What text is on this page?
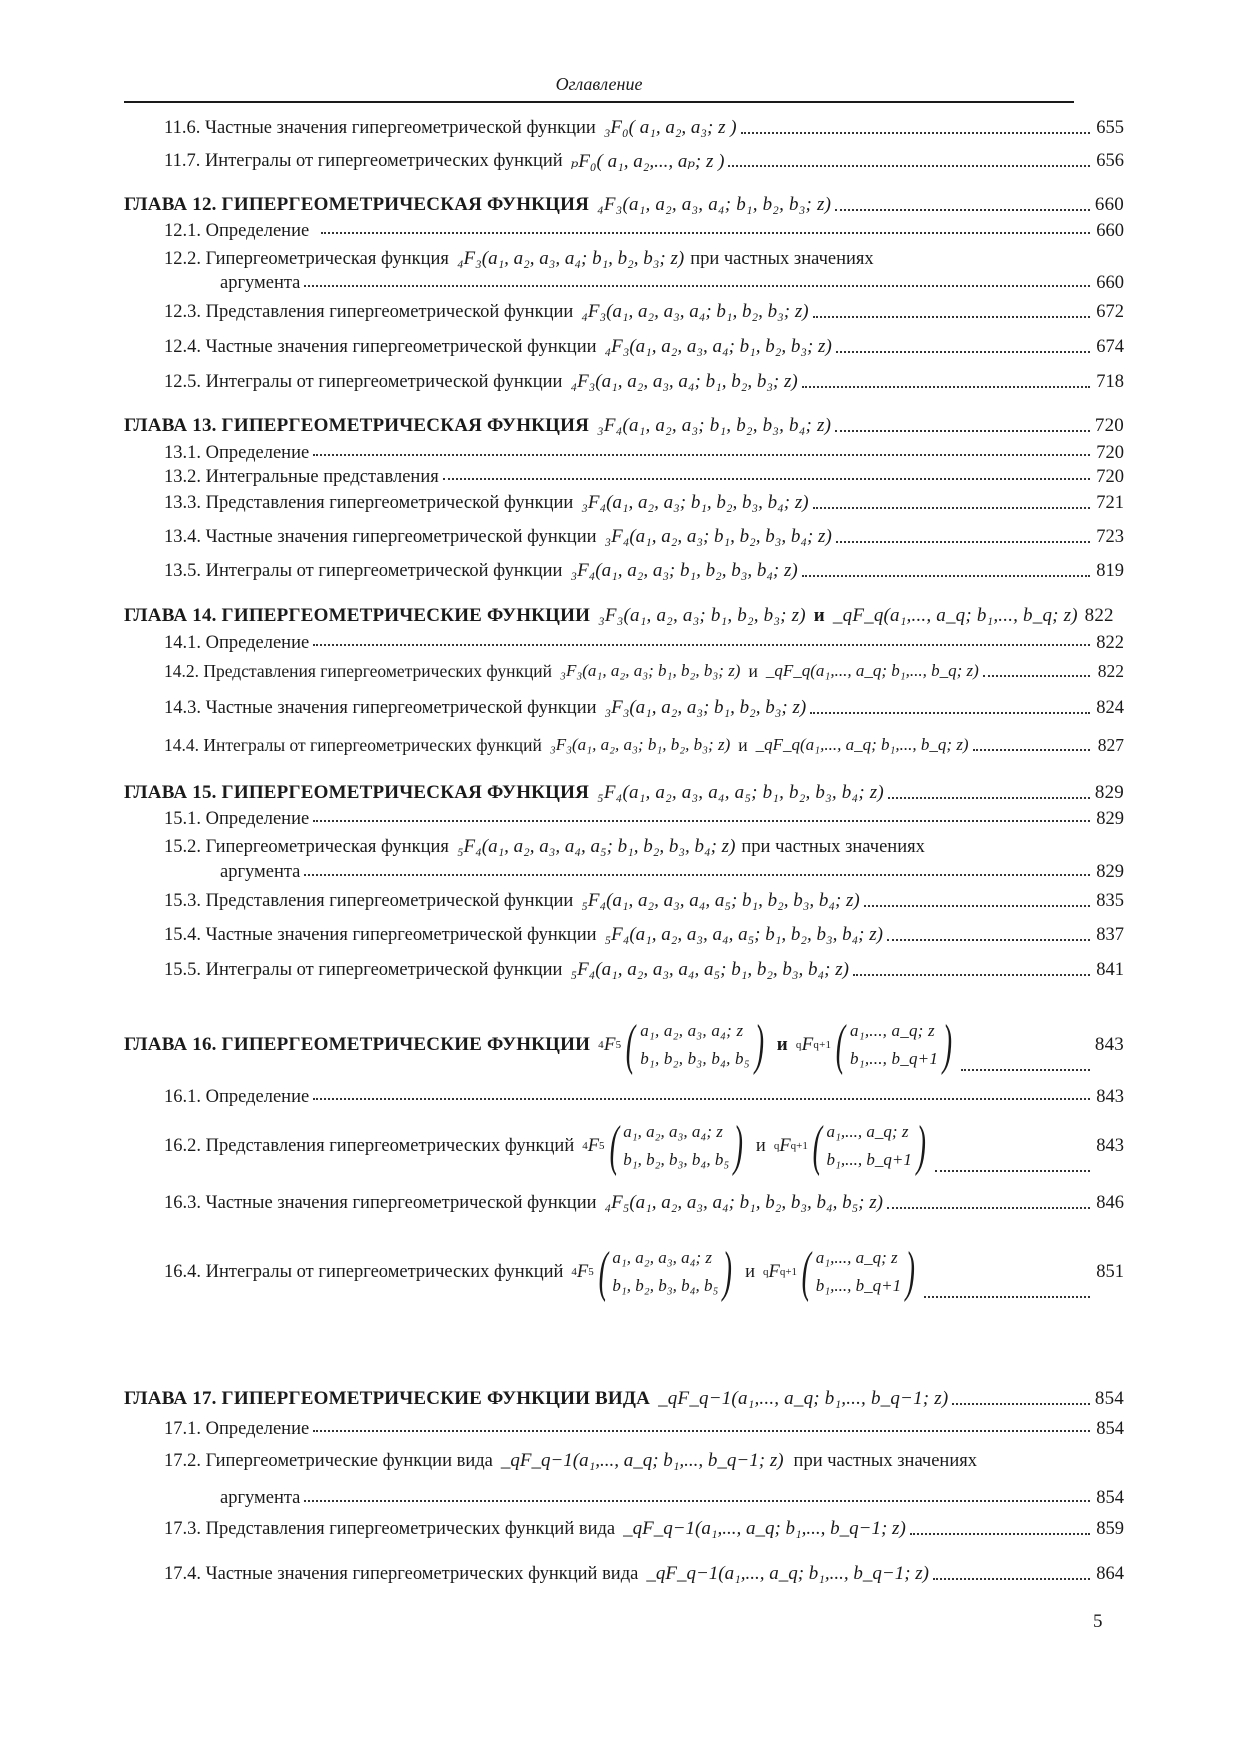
Оглавление
11.6. Частные значения гипергеометрической функции ₃F₀( a₁, a₂, a₃; z )	655
11.7. Интегралы от гипергеометрических функций ₚF₀( a₁, a₂,..., aₚ; z )	656
ГЛАВА 12. ГИПЕРГЕОМЕТРИЧЕСКАЯ ФУНКЦИЯ ₄F₃(a₁, a₂, a₃, a₄; b₁, b₂, b₃; z)	660
12.1. Определение	660
12.2. Гипергеометрическая функция ₄F₃(a₁, a₂, a₃, a₄; b₁, b₂, b₃; z) при частных значениях
аргумента	660
12.3. Представления гипергеометрической функции ₄F₃(a₁, a₂, a₃, a₄; b₁, b₂, b₃; z)	672
12.4. Частные значения гипергеометрической функции ₄F₃(a₁, a₂, a₃, a₄; b₁, b₂, b₃; z)	674
12.5. Интегралы от гипергеометрической функции ₄F₃(a₁, a₂, a₃, a₄; b₁, b₂, b₃; z)	718
ГЛАВА 13. ГИПЕРГЕОМЕТРИЧЕСКАЯ ФУНКЦИЯ ₃F₄(a₁, a₂, a₃; b₁, b₂, b₃, b₄; z)	720
13.1. Определение	720
13.2. Интегральные представления	720
13.3. Представления гипергеометрической функции ₃F₄(a₁, a₂, a₃; b₁, b₂, b₃, b₄; z)	721
13.4. Частные значения гипергеометрической функции ₃F₄(a₁, a₂, a₃; b₁, b₂, b₃, b₄; z)	723
13.5. Интегралы от гипергеометрической функции ₃F₄(a₁, a₂, a₃; b₁, b₂, b₃, b₄; z)	819
ГЛАВА 14. ГИПЕРГЕОМЕТРИЧЕСКИЕ ФУНКЦИИ ₃F₃(a₁, a₂, a₃; b₁, b₂, b₃; z) и _qF_q(a₁,..., a_q; b₁,..., b_q; z) 822
14.1. Определение	822
14.2. Представления гипергеометрических функций ₃F₃(a₁, a₂, a₃; b₁, b₂, b₃; z) и _qF_q(a₁,..., a_q; b₁,..., b_q; z)	822
14.3. Частные значения гипергеометрической функции ₃F₃(a₁, a₂, a₃; b₁, b₂, b₃; z)	824
14.4. Интегралы от гипергеометрических функций ₃F₃(a₁, a₂, a₃; b₁, b₂, b₃; z) и _qF_q(a₁,..., a_q; b₁,..., b_q; z)	827
ГЛАВА 15. ГИПЕРГЕОМЕТРИЧЕСКАЯ ФУНКЦИЯ ₅F₄(a₁, a₂, a₃, a₄, a₅; b₁, b₂, b₃, b₄; z)	829
15.1. Определение	829
15.2. Гипергеометрическая функция ₅F₄(a₁, a₂, a₃, a₄, a₅; b₁, b₂, b₃, b₄; z) при частных значениях
аргумента	829
15.3. Представления гипергеометрической функции ₅F₄(a₁, a₂, a₃, a₄, a₅; b₁, b₂, b₃, b₄; z)	835
15.4. Частные значения гипергеометрической функции ₅F₄(a₁, a₂, a₃, a₄, a₅; b₁, b₂, b₃, b₄; z)	837
15.5. Интегралы от гипергеометрической функции ₅F₄(a₁, a₂, a₃, a₄, a₅; b₁, b₂, b₃, b₄; z)	841
ГЛАВА 16. ГИПЕРГЕОМЕТРИЧЕСКИЕ ФУНКЦИИ 4 F 5 ( a₁, a₂, a₃, a₄; z
b₁, b₂, b₃, b₄, b₅ ) и q F q+1 ( a₁,..., a_q; z
b₁,..., b_q+1 )	843
16.1. Определение	843
16.2. Представления гипергеометрических функций 4 F 5 ( a₁, a₂, a₃, a₄; z
b₁, b₂, b₃, b₄, b₅ ) и q F q+1 ( a₁,..., a_q; z
b₁,..., b_q+1 )	843
16.3. Частные значения гипергеометрической функции ₄F₅(a₁, a₂, a₃, a₄; b₁, b₂, b₃, b₄, b₅; z)	846
16.4. Интегралы от гипергеометрических функций 4 F 5 ( a₁, a₂, a₃, a₄; z
b₁, b₂, b₃, b₄, b₅ ) и q F q+1 ( a₁,..., a_q; z
b₁,..., b_q+1 )	851
ГЛАВА 17. ГИПЕРГЕОМЕТРИЧЕСКИЕ ФУНКЦИИ ВИДА _qF_q−1(a₁,..., a_q; b₁,..., b_q−1; z)	854
17.1. Определение	854
17.2. Гипергеометрические функции вида _qF_q−1(a₁,..., a_q; b₁,..., b_q−1; z) при частных значениях
аргумента	854
17.3. Представления гипергеометрических функций вида _qF_q−1(a₁,..., a_q; b₁,..., b_q−1; z)	859
17.4. Частные значения гипергеометрических функций вида _qF_q−1(a₁,..., a_q; b₁,..., b_q−1; z)	864
5
